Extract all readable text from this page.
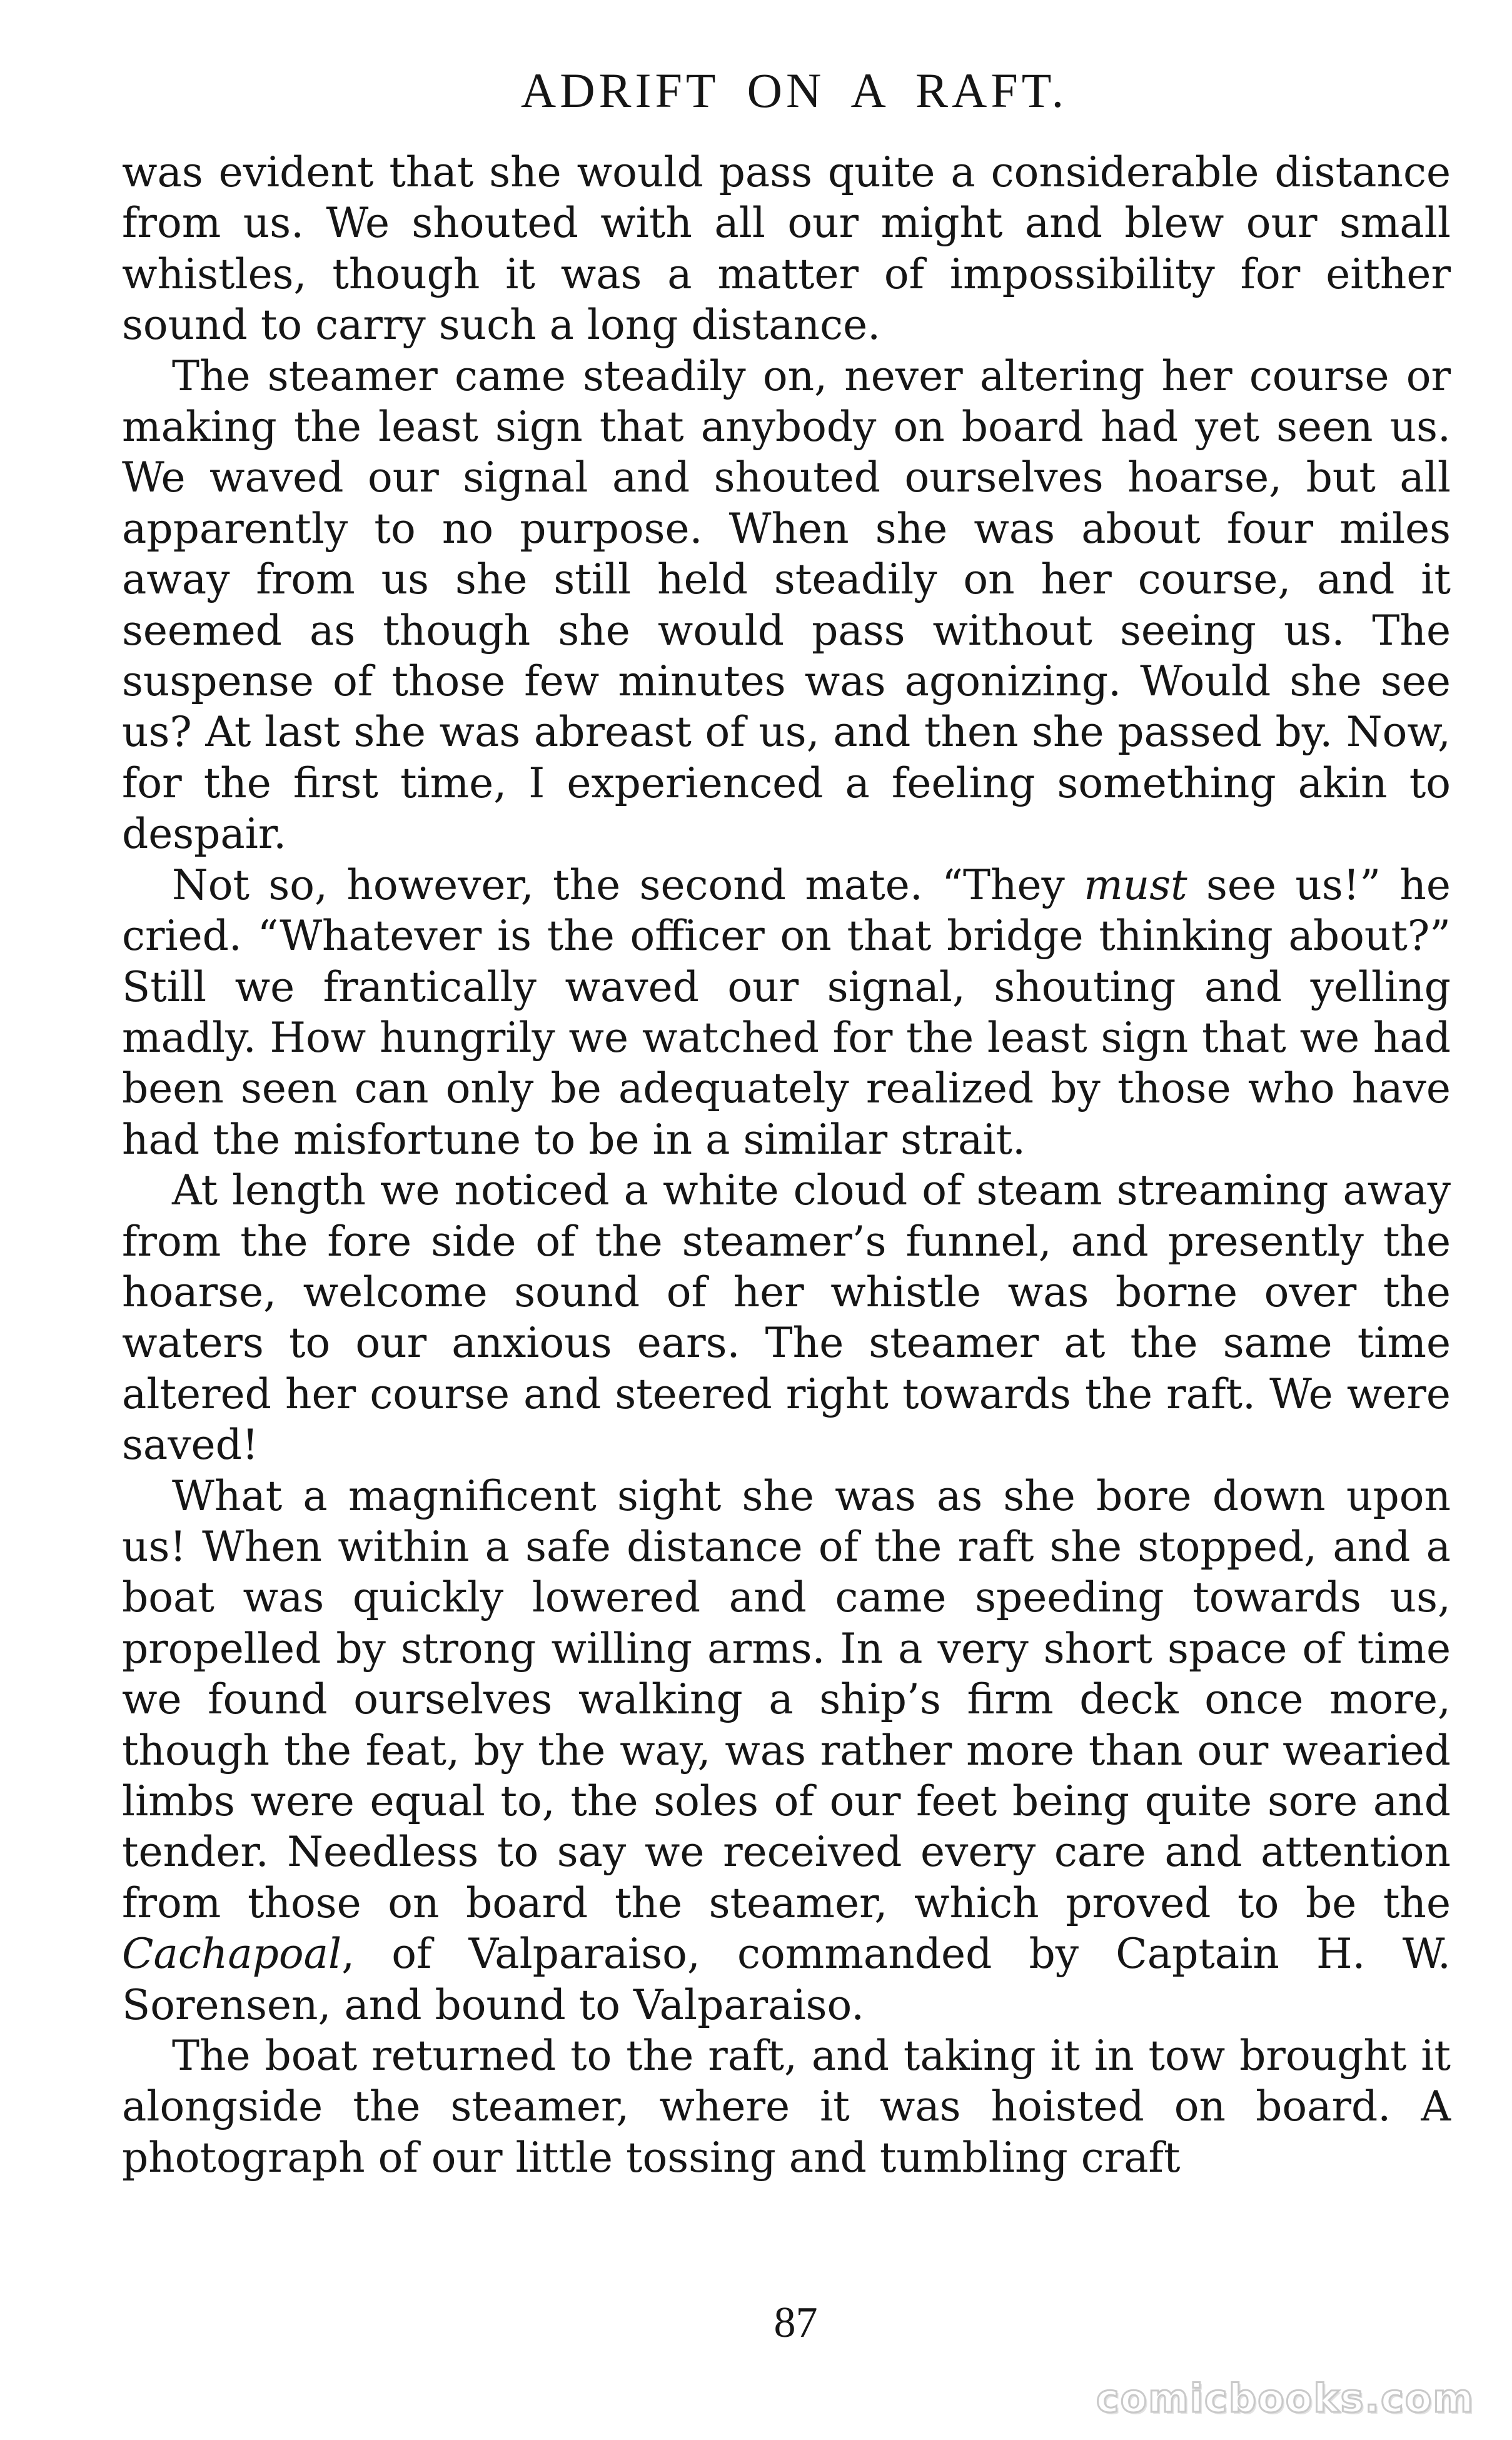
ADRIFT ON A RAFT.

was evident that she would pass quite a considerable distance from us. We shouted with all our might and blew our small whistles, though it was a matter of impossibility for either sound to carry such a long distance.

The steamer came steadily on, never altering her course or making the least sign that anybody on board had yet seen us. We waved our signal and shouted ourselves hoarse, but all apparently to no purpose. When she was about four miles away from us she still held steadily on her course, and it seemed as though she would pass without seeing us. The suspense of those few minutes was agonizing. Would she see us? At last she was abreast of us, and then she passed by. Now, for the first time, I experienced a feeling something akin to despair.

Not so, however, the second mate. “They must see us!” he cried. “Whatever is the officer on that bridge thinking about?” Still we frantically waved our signal, shouting and yelling madly. How hungrily we watched for the least sign that we had been seen can only be adequately realized by those who have had the misfortune to be in a similar strait.

At length we noticed a white cloud of steam streaming away from the fore side of the steamer’s funnel, and presently the hoarse, welcome sound of her whistle was borne over the waters to our anxious ears. The steamer at the same time altered her course and steered right towards the raft. We were saved!

What a magnificent sight she was as she bore down upon us! When within a safe distance of the raft she stopped, and a boat was quickly lowered and came speeding towards us, propelled by strong willing arms. In a very short space of time we found ourselves walking a ship’s firm deck once more, though the feat, by the way, was rather more than our wearied limbs were equal to, the soles of our feet being quite sore and tender. Needless to say we received every care and attention from those on board the steamer, which proved to be the Cachapoal, of Valparaiso, commanded by Captain H. W. Sorensen, and bound to Valparaiso.

The boat returned to the raft, and taking it in tow brought it alongside the steamer, where it was hoisted on board. A photograph of our little tossing and tumbling craft

87
comicbooks.com
